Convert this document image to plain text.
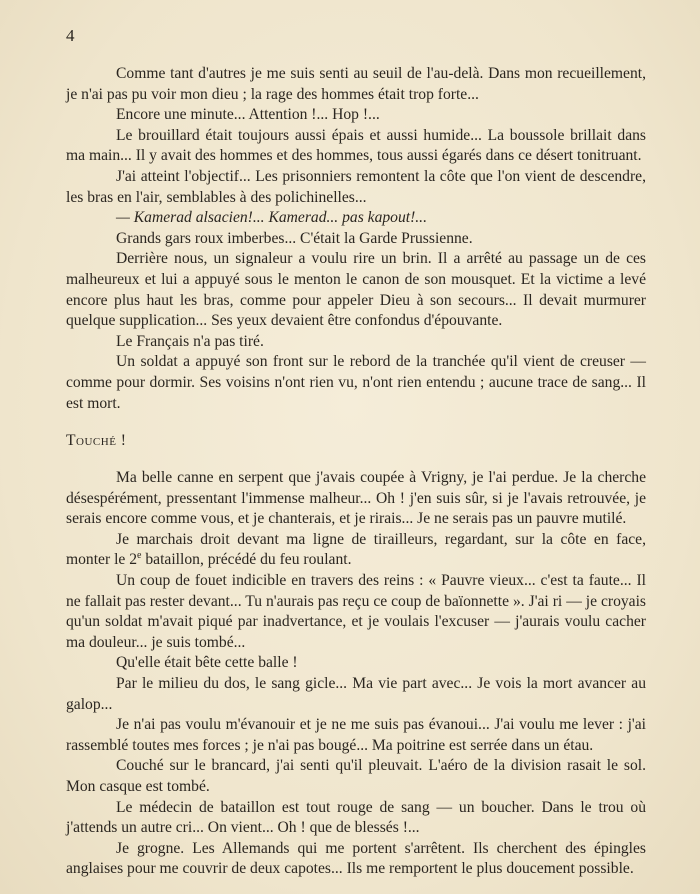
4

Comme tant d'autres je me suis senti au seuil de l'au-delà. Dans mon recueillement, je n'ai pas pu voir mon dieu ; la rage des hommes était trop forte...

Encore une minute... Attention !... Hop !...

Le brouillard était toujours aussi épais et aussi humide... La boussole brillait dans ma main... Il y avait des hommes et des hommes, tous aussi égarés dans ce désert tonitruant.

J'ai atteint l'objectif... Les prisonniers remontent la côte que l'on vient de descendre, les bras en l'air, semblables à des polichinelles...

— Kamerad alsacien!... Kamerad... pas kapout!...

Grands gars roux imberbes... C'était la Garde Prussienne.

Derrière nous, un signaleur a voulu rire un brin. Il a arrêté au passage un de ces malheureux et lui a appuyé sous le menton le canon de son mousquet. Et la victime a levé encore plus haut les bras, comme pour appeler Dieu à son secours... Il devait murmurer quelque supplication... Ses yeux devaient être confondus d'épouvante.

Le Français n'a pas tiré.

Un soldat a appuyé son front sur le rebord de la tranchée qu'il vient de creuser — comme pour dormir. Ses voisins n'ont rien vu, n'ont rien entendu ; aucune trace de sang... Il est mort.

Touché !

Ma belle canne en serpent que j'avais coupée à Vrigny, je l'ai perdue. Je la cherche désespérément, pressentant l'immense malheur... Oh ! j'en suis sûr, si je l'avais retrouvée, je serais encore comme vous, et je chanterais, et je rirais... Je ne serais pas un pauvre mutilé.

Je marchais droit devant ma ligne de tirailleurs, regardant, sur la côte en face, monter le 2e bataillon, précédé du feu roulant.

Un coup de fouet indicible en travers des reins : « Pauvre vieux... c'est ta faute... Il ne fallait pas rester devant... Tu n'aurais pas reçu ce coup de baïonnette ». J'ai ri — je croyais qu'un soldat m'avait piqué par inadvertance, et je voulais l'excuser — j'aurais voulu cacher ma douleur... je suis tombé...

Qu'elle était bête cette balle !

Par le milieu du dos, le sang gicle... Ma vie part avec... Je vois la mort avancer au galop...

Je n'ai pas voulu m'évanouir et je ne me suis pas évanoui... J'ai voulu me lever : j'ai rassemblé toutes mes forces ; je n'ai pas bougé... Ma poitrine est serrée dans un étau.

Couché sur le brancard, j'ai senti qu'il pleuvait. L'aéro de la division rasait le sol. Mon casque est tombé.

Le médecin de bataillon est tout rouge de sang — un boucher. Dans le trou où j'attends un autre cri... On vient... Oh ! que de blessés !...

Je grogne. Les Allemands qui me portent s'arrêtent. Ils cherchent des épingles anglaises pour me couvrir de deux capotes... Ils me remportent le plus doucement possible.
